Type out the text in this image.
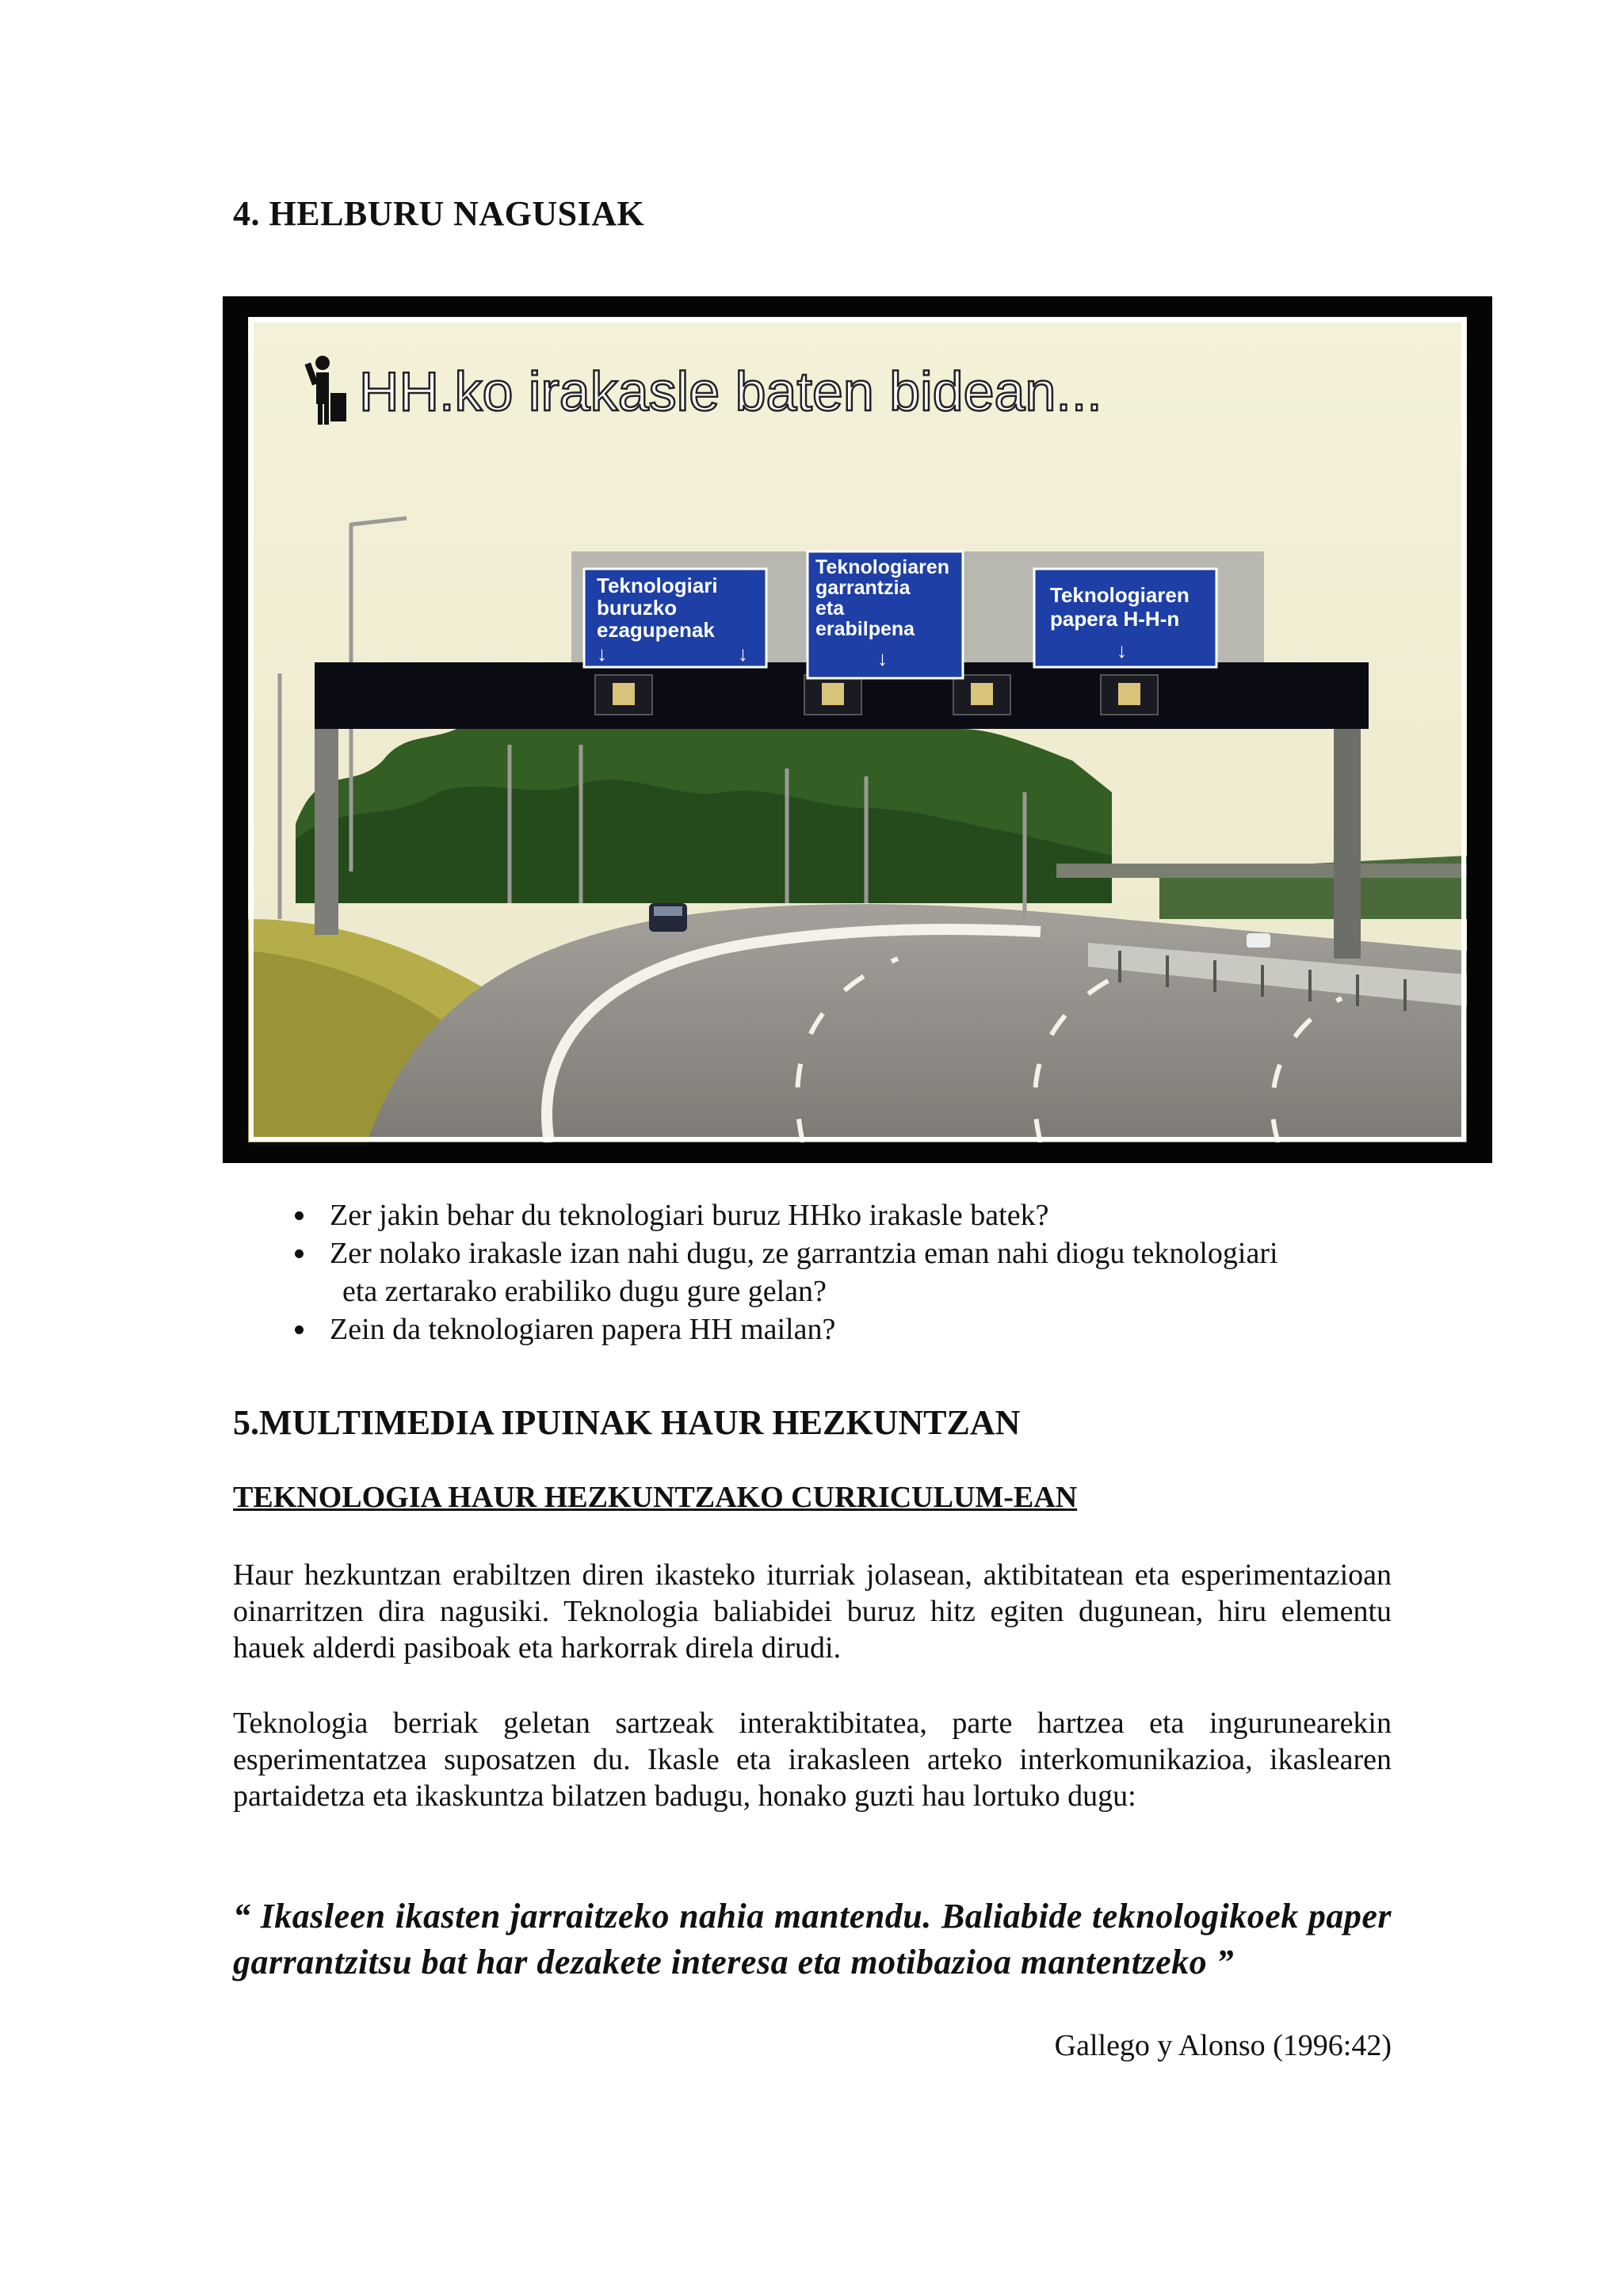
4. HELBURU NAGUSIAK
HH.ko irakasle baten bidean...
Teknologiari
buruzko
ezagupenak
↓	↓
Teknologiaren
garrantzia
eta
erabilpena
↓
Teknologiaren
papera H-H-n
↓
Zer jakin behar du teknologiari buruz HHko irakasle batek?
Zer nolako irakasle izan nahi dugu, ze garrantzia eman nahi diogu teknologiari
eta zertarako erabiliko dugu gure gelan?
Zein da teknologiaren papera HH mailan?
5.MULTIMEDIA IPUINAK HAUR HEZKUNTZAN
TEKNOLOGIA HAUR HEZKUNTZAKO CURRICULUM-EAN
Haur hezkuntzan erabiltzen diren ikasteko iturriak jolasean, aktibitatean eta esperimentazioan oinarritzen dira nagusiki. Teknologia baliabidei buruz hitz egiten dugunean, hiru elementu hauek alderdi pasiboak eta harkorrak direla dirudi.
Teknologia berriak geletan sartzeak interaktibitatea, parte hartzea eta ingurunearekin esperimentatzea suposatzen du. Ikasle eta irakasleen arteko interkomunikazioa, ikaslearen partaidetza eta ikaskuntza bilatzen badugu, honako guzti hau lortuko dugu:
“ Ikasleen ikasten jarraitzeko nahia mantendu. Baliabide teknologikoek paper garrantzitsu bat har dezakete interesa eta motibazioa mantentzeko ”
Gallego y Alonso (1996:42)
